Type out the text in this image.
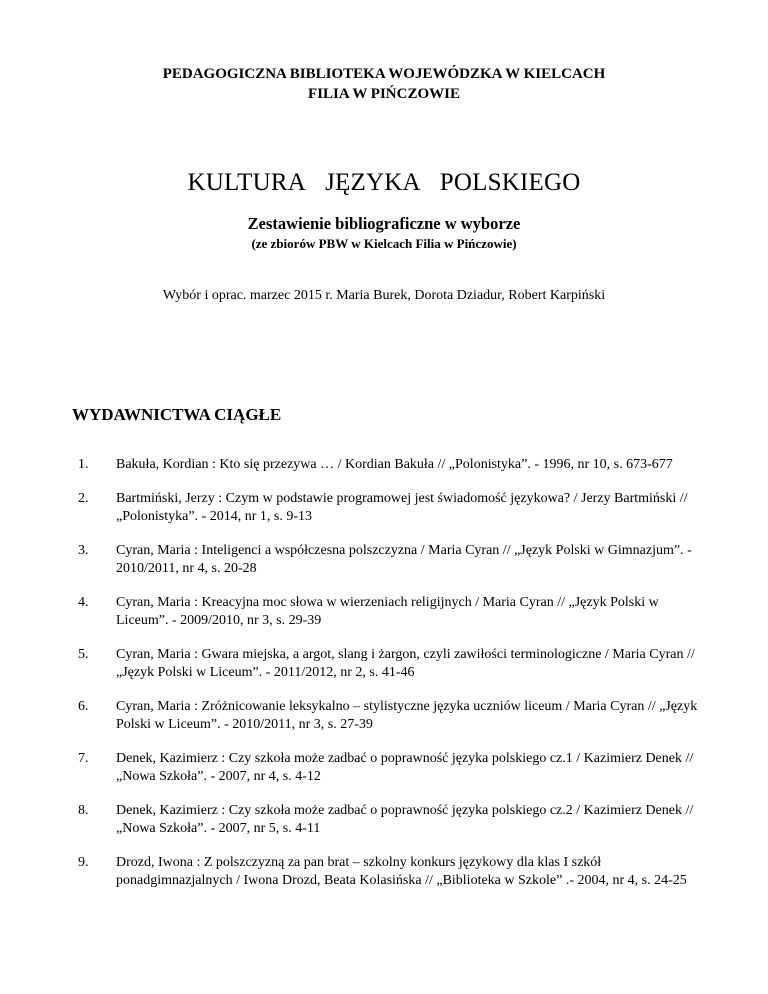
PEDAGOGICZNA BIBLIOTEKA WOJEWÓDZKA W KIELCACH
FILIA W PIŃCZOWIE
KULTURA JĘZYKA POLSKIEGO
Zestawienie bibliograficzne w wyborze
(ze zbiorów PBW w Kielcach Filia w Pińczowie)
Wybór i oprac. marzec 2015 r. Maria Burek, Dorota Dziadur, Robert Karpiński
WYDAWNICTWA CIĄGŁE
1.	Bakuła, Kordian : Kto się przezywa … / Kordian Bakuła // „Polonistyka”. - 1996, nr 10, s. 673-677
2.	Bartmiński, Jerzy : Czym w podstawie programowej jest świadomość językowa? / Jerzy Bartmiński // „Polonistyka”. - 2014, nr 1, s. 9-13
3.	Cyran, Maria : Inteligenci a współczesna polszczyzna / Maria Cyran // „Język Polski w Gimnazjum”. - 2010/2011, nr 4, s. 20-28
4.	Cyran, Maria : Kreacyjna moc słowa w wierzeniach religijnych / Maria Cyran // „Język Polski w Liceum”. - 2009/2010, nr 3, s. 29-39
5.	Cyran, Maria : Gwara miejska, a argot, slang i żargon, czyli zawiłości terminologiczne / Maria Cyran // „Język Polski w Liceum”. - 2011/2012, nr 2, s. 41-46
6.	Cyran, Maria : Zróżnicowanie leksykalno – stylistyczne języka uczniów liceum / Maria Cyran // „Język Polski w Liceum”. - 2010/2011, nr 3, s. 27-39
7.	Denek, Kazimierz : Czy szkoła może zadbać o poprawność języka polskiego cz.1 / Kazimierz Denek // „Nowa Szkoła”. - 2007, nr 4, s. 4-12
8.	Denek, Kazimierz : Czy szkoła może zadbać o poprawność języka polskiego cz.2 / Kazimierz Denek // „Nowa Szkoła”. - 2007, nr 5, s. 4-11
9.	Drozd, Iwona : Z polszczyzną za pan brat – szkolny konkurs językowy dla klas I szkół ponadgimnazjalnych / Iwona Drozd, Beata Kolasińska // „Biblioteka w Szkole” .- 2004, nr 4, s. 24-25
